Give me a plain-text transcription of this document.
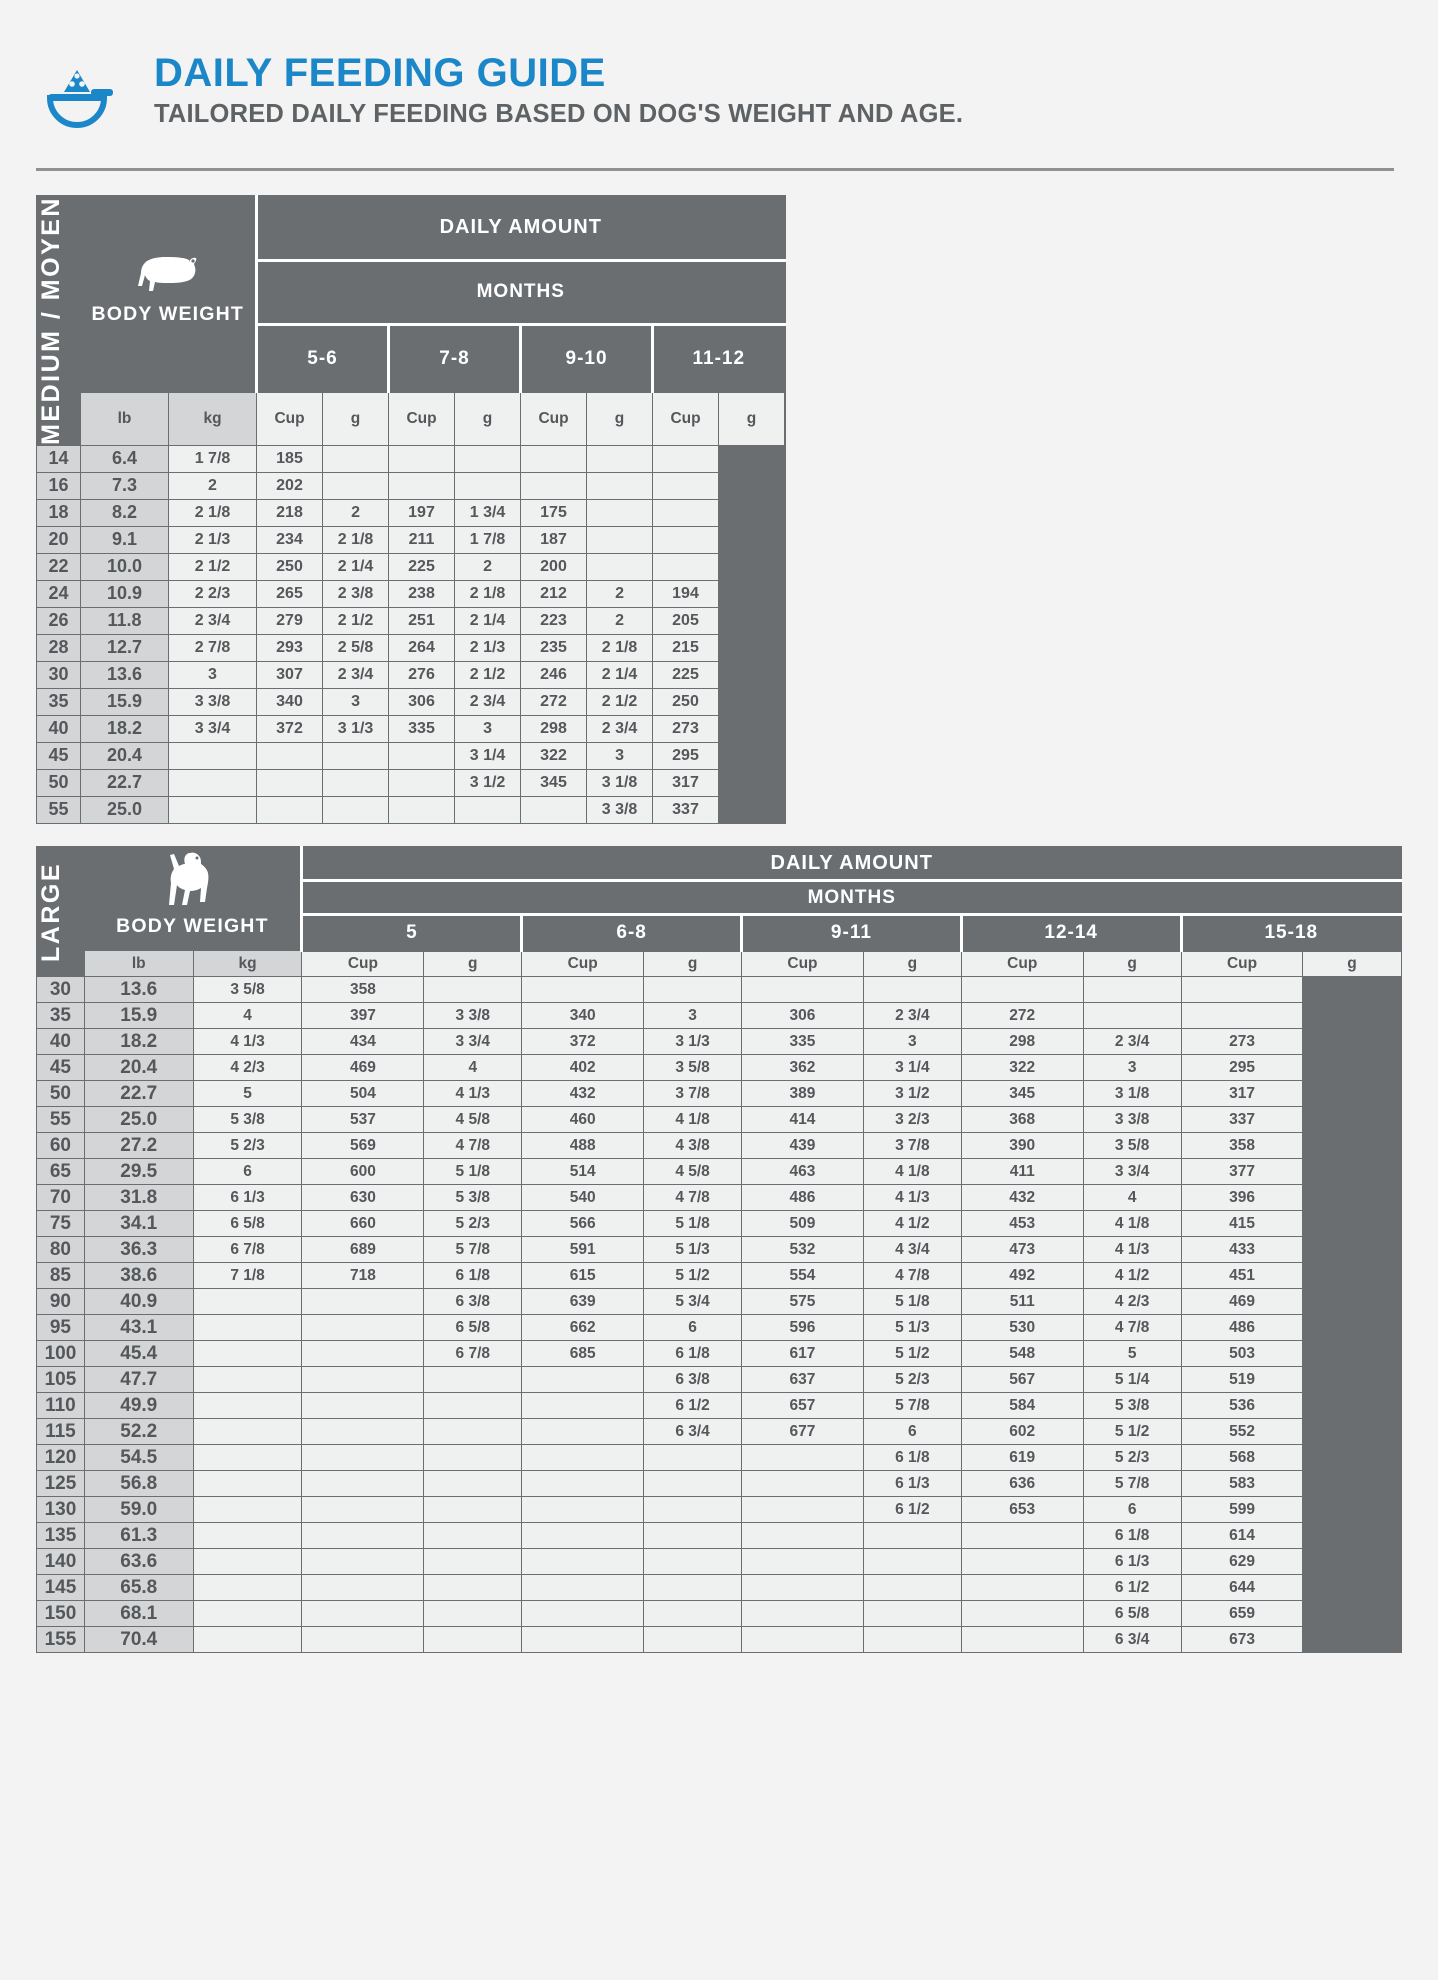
DAILY FEEDING GUIDE
TAILORED DAILY FEEDING BASED ON DOG'S WEIGHT AND AGE.
MEDIUM / MOYEN	BODY WEIGHT		DAILY AMOUNT							
			MONTHS							
			5-6		7-8		9-10		11-12	
	lb	kg	Cup	g	Cup	g	Cup	g	Cup	g
14	6.4	1 7/8	185							
16	7.3	2	202							
18	8.2	2 1/8	218	2	197	1 3/4	175			
20	9.1	2 1/3	234	2 1/8	211	1 7/8	187			
22	10.0	2 1/2	250	2 1/4	225	2	200			
24	10.9	2 2/3	265	2 3/8	238	2 1/8	212	2	194	
26	11.8	2 3/4	279	2 1/2	251	2 1/4	223	2	205	
28	12.7	2 7/8	293	2 5/8	264	2 1/3	235	2 1/8	215	
30	13.6	3	307	2 3/4	276	2 1/2	246	2 1/4	225	
35	15.9	3 3/8	340	3	306	2 3/4	272	2 1/2	250	
40	18.2	3 3/4	372	3 1/3	335	3	298	2 3/4	273	
45	20.4					3 1/4	322	3	295	
50	22.7					3 1/2	345	3 1/8	317	
55	25.0							3 3/8	337	
LARGE	BODY WEIGHT		DAILY AMOUNT									
			MONTHS									
			5		6-8		9-11		12-14		15-18	
	lb	kg	Cup	g	Cup	g	Cup	g	Cup	g	Cup	g
30	13.6	3 5/8	358									
35	15.9	4	397	3 3/8	340	3	306	2 3/4	272			
40	18.2	4 1/3	434	3 3/4	372	3 1/3	335	3	298	2 3/4	273	
45	20.4	4 2/3	469	4	402	3 5/8	362	3 1/4	322	3	295	
50	22.7	5	504	4 1/3	432	3 7/8	389	3 1/2	345	3 1/8	317	
55	25.0	5 3/8	537	4 5/8	460	4 1/8	414	3 2/3	368	3 3/8	337	
60	27.2	5 2/3	569	4 7/8	488	4 3/8	439	3 7/8	390	3 5/8	358	
65	29.5	6	600	5 1/8	514	4 5/8	463	4 1/8	411	3 3/4	377	
70	31.8	6 1/3	630	5 3/8	540	4 7/8	486	4 1/3	432	4	396	
75	34.1	6 5/8	660	5 2/3	566	5 1/8	509	4 1/2	453	4 1/8	415	
80	36.3	6 7/8	689	5 7/8	591	5 1/3	532	4 3/4	473	4 1/3	433	
85	38.6	7 1/8	718	6 1/8	615	5 1/2	554	4 7/8	492	4 1/2	451	
90	40.9			6 3/8	639	5 3/4	575	5 1/8	511	4 2/3	469	
95	43.1			6 5/8	662	6	596	5 1/3	530	4 7/8	486	
100	45.4			6 7/8	685	6 1/8	617	5 1/2	548	5	503	
105	47.7					6 3/8	637	5 2/3	567	5 1/4	519	
110	49.9					6 1/2	657	5 7/8	584	5 3/8	536	
115	52.2					6 3/4	677	6	602	5 1/2	552	
120	54.5							6 1/8	619	5 2/3	568	
125	56.8							6 1/3	636	5 7/8	583	
130	59.0							6 1/2	653	6	599	
135	61.3									6 1/8	614	
140	63.6									6 1/3	629	
145	65.8									6 1/2	644	
150	68.1									6 5/8	659	
155	70.4									6 3/4	673	
